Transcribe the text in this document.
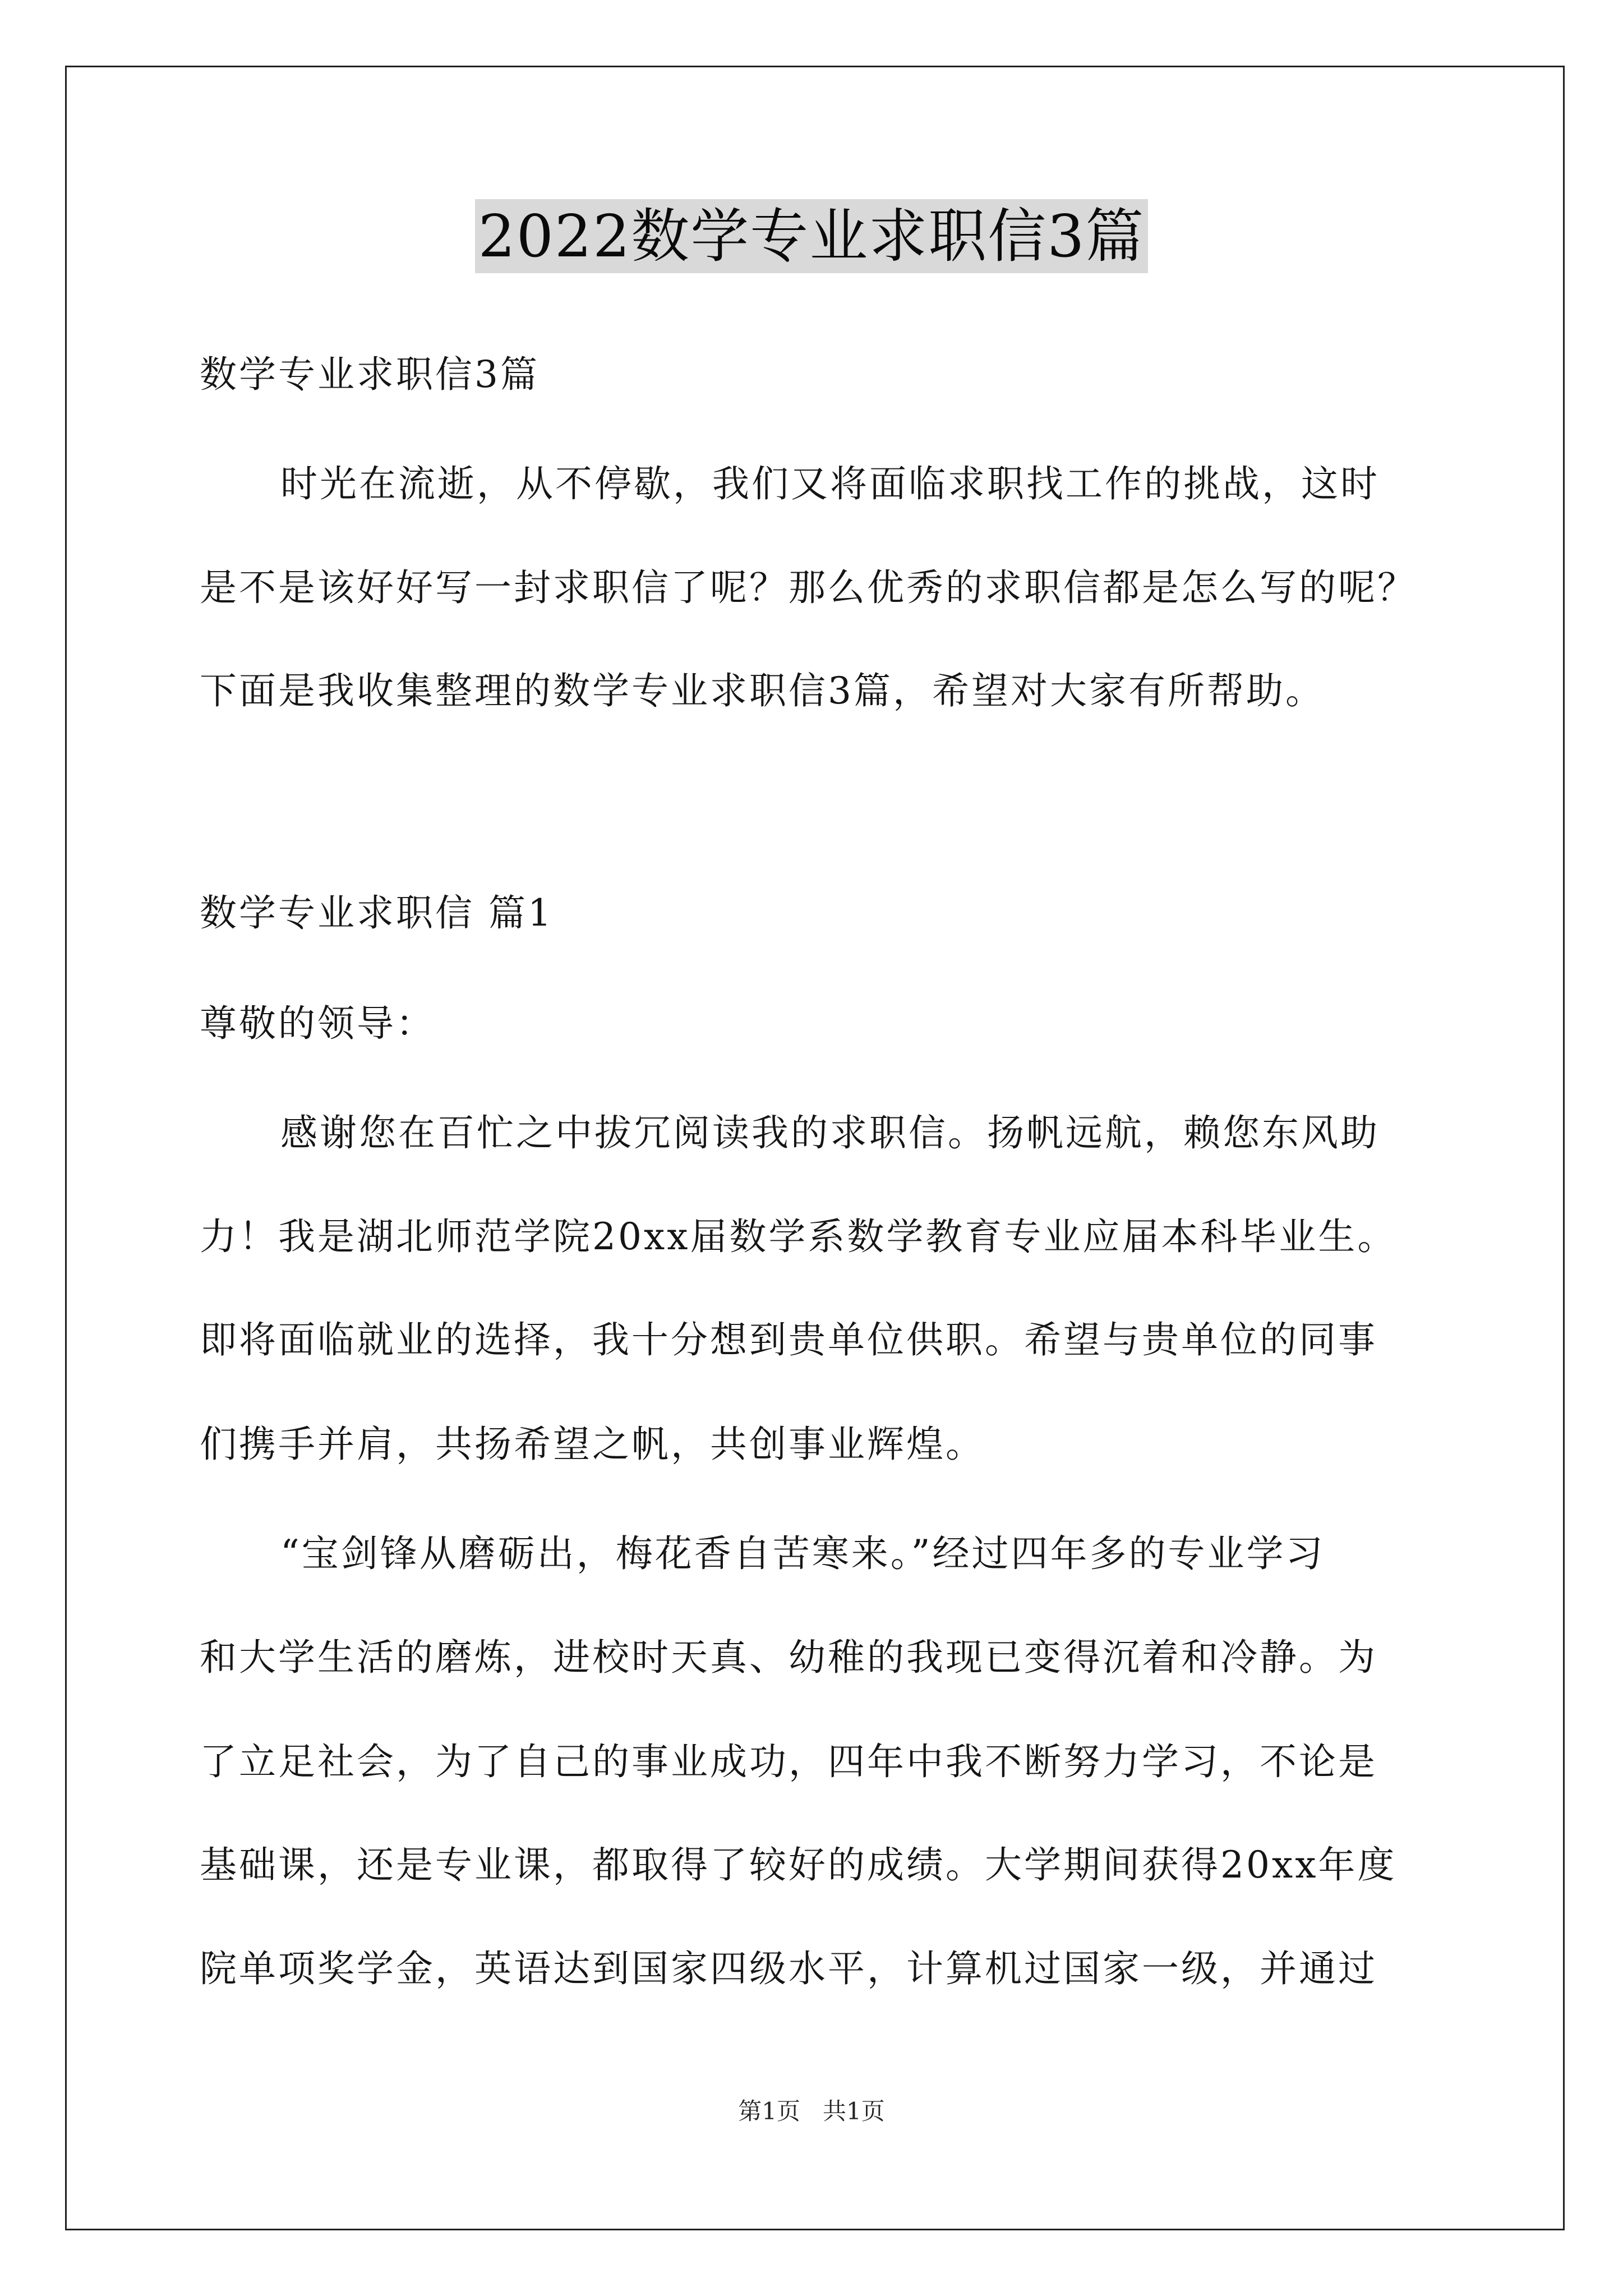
2022数学专业求职信3篇
数学专业求职信3篇
时光在流逝，从不停歇，我们又将面临求职找工作的挑战，这时
是不是该好好写一封求职信了呢？那么优秀的求职信都是怎么写的呢？
下面是我收集整理的数学专业求职信3篇，希望对大家有所帮助。
数学专业求职信 篇1
尊敬的领导：
感谢您在百忙之中拔冗阅读我的求职信。扬帆远航，赖您东风助
力！我是湖北师范学院20xx届数学系数学教育专业应届本科毕业生。
即将面临就业的选择，我十分想到贵单位供职。希望与贵单位的同事
们携手并肩，共扬希望之帆，共创事业辉煌。
“宝剑锋从磨砺出，梅花香自苦寒来。”经过四年多的专业学习
和大学生活的磨炼，进校时天真、幼稚的我现已变得沉着和冷静。为
了立足社会，为了自己的事业成功，四年中我不断努力学习，不论是
基础课，还是专业课，都取得了较好的成绩。大学期间获得20xx年度
院单项奖学金，英语达到国家四级水平，计算机过国家一级，并通过
第1页   共1页
